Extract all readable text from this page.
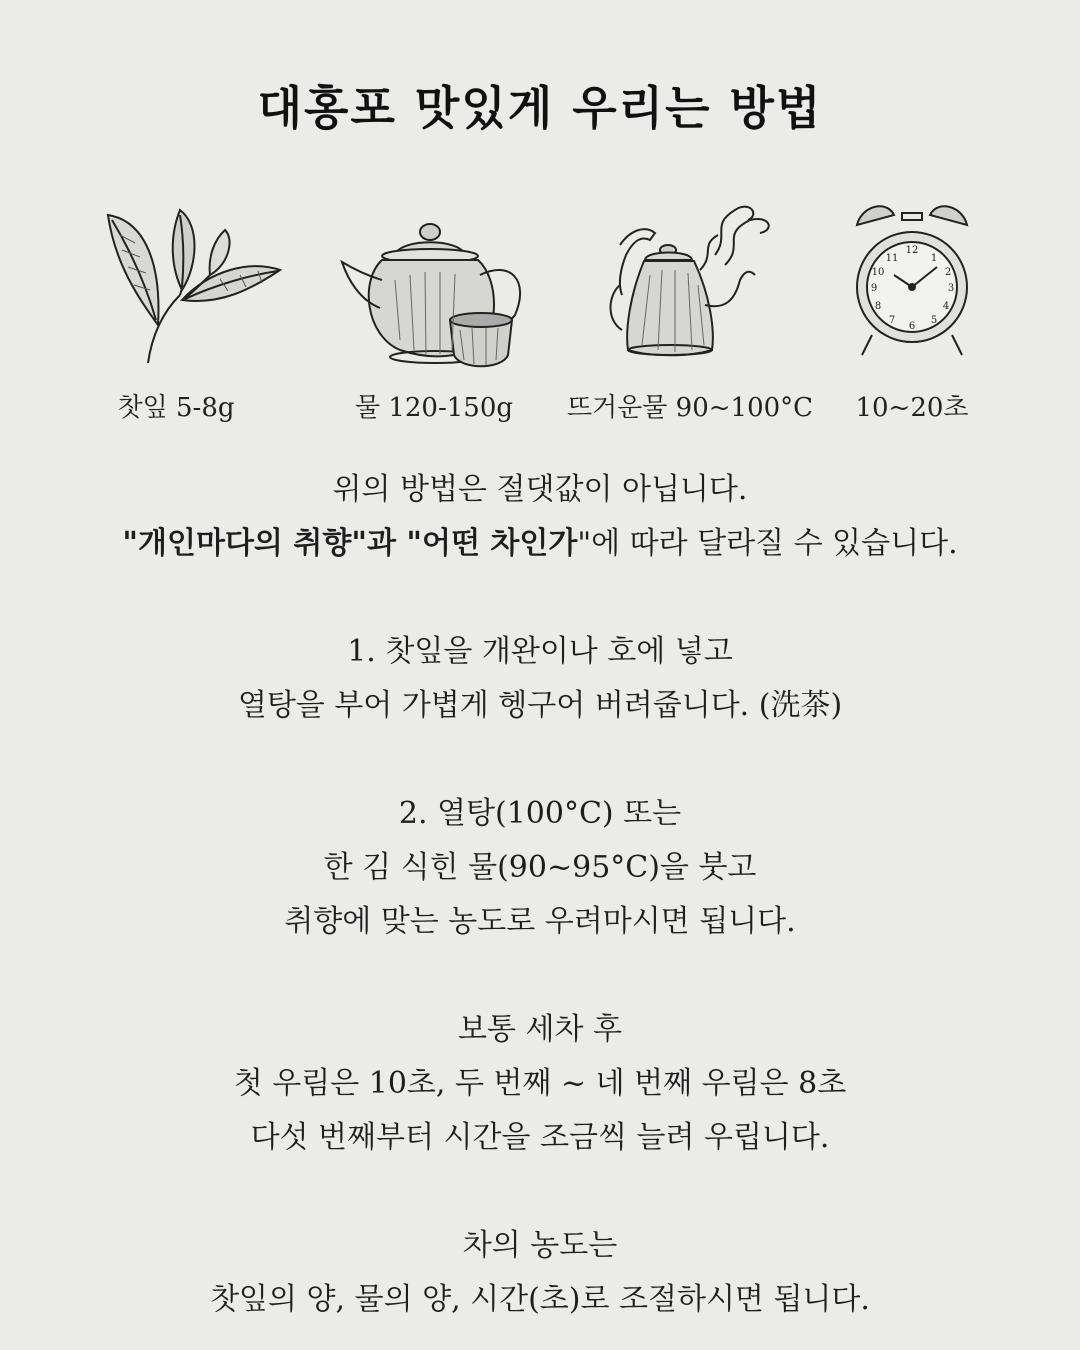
대홍포 맛있게 우리는 방법
12
1
2
3
4
5
6
7
8
9
10
11
찻잎 5-8g	물 120-150g 뜨거운물 90~100°C 10~20초

위의 방법은 절댓값이 아닙니다.

"개인마다의 취향"과 "어떤 차인가"에 따라 달라질 수 있습니다.

1. 찻잎을 개완이나 호에 넣고

열탕을 부어 가볍게 헹구어 버려줍니다. (洗茶)

2. 열탕(100°C) 또는

한 김 식힌 물(90~95°C)을 붓고

취향에 맞는 농도로 우려마시면 됩니다.

보통 세차 후

첫 우림은 10초, 두 번째 ~ 네 번째 우림은 8초

다섯 번째부터 시간을 조금씩 늘려 우립니다.

차의 농도는

찻잎의 양, 물의 양, 시간(초)로 조절하시면 됩니다.
